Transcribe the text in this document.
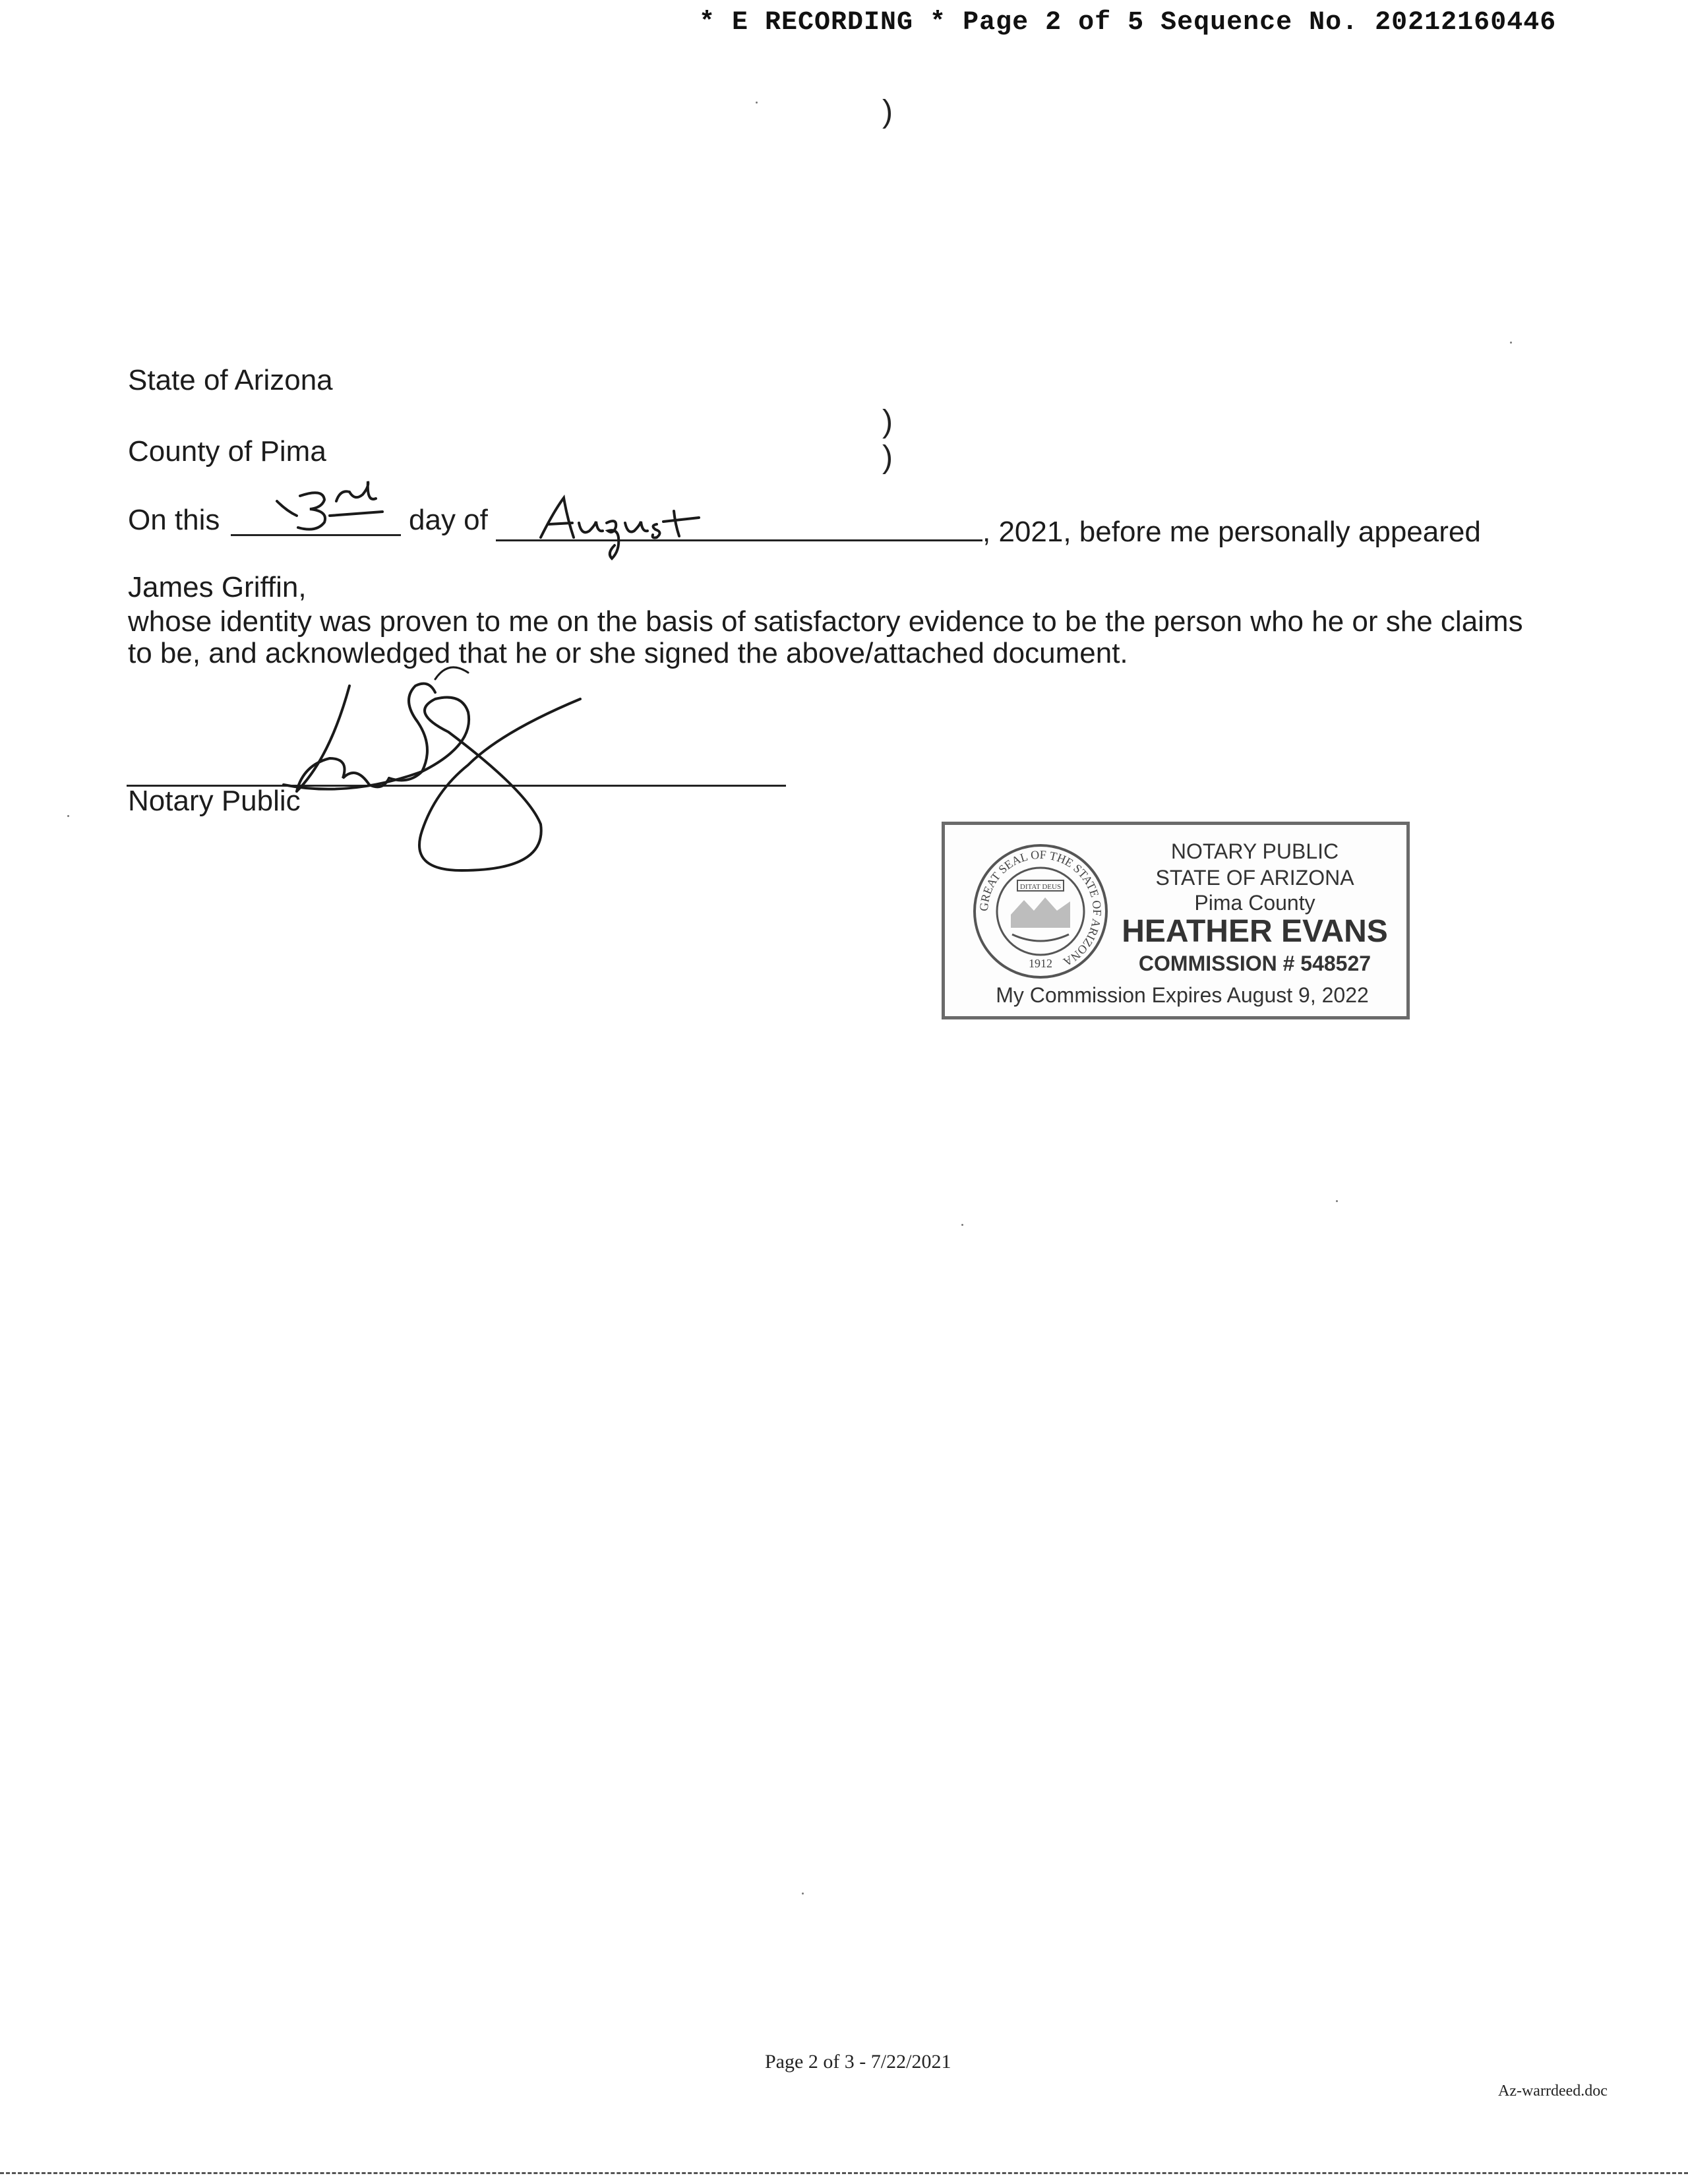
* E RECORDING * Page 2 of 5 Sequence No. 20212160446
)
State of Arizona
)
County of Pima	)
On this	day of	, 2021, before me personally appeared
James Griffin,
whose identity was proven to me on the basis of satisfactory evidence to be the person who he or she claims
to be, and acknowledged that he or she signed the above/attached document.
Notary Public
GREAT SEAL OF THE STATE OF ARIZONA
DITAT DEUS
1912
NOTARY PUBLIC
STATE OF ARIZONA
Pima County
HEATHER EVANS
COMMISSION # 548527
My Commission Expires August 9, 2022
Page 2 of 3 - 7/22/2021
Az-warrdeed.doc
